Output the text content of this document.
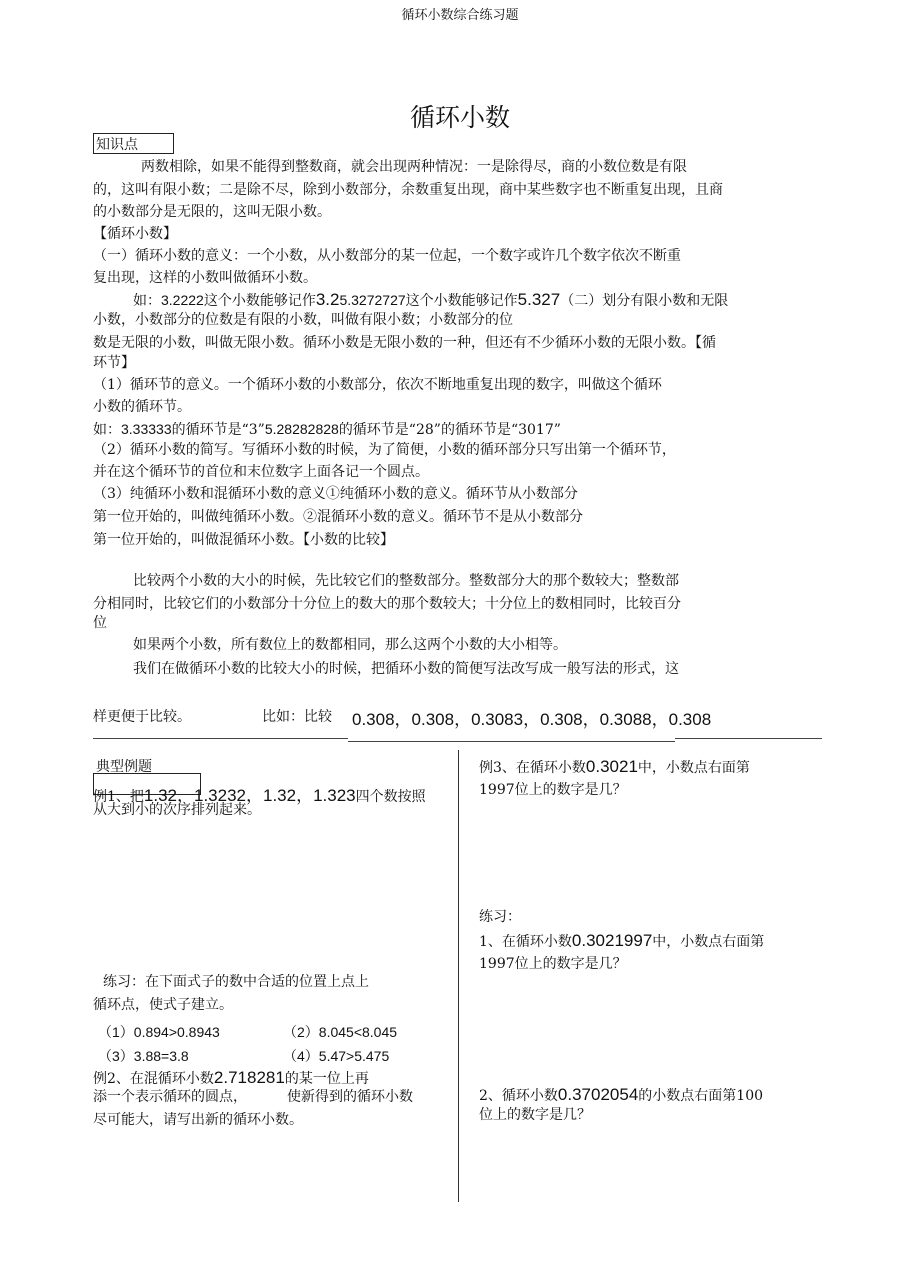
循环小数综合练习题
循环小数
知识点
两数相除，如果不能得到整数商，就会出现两种情况：一是除得尽，商的小数位数是有限
的，这叫有限小数；二是除不尽，除到小数部分，余数重复出现，商中某些数字也不断重复出现，且商
的小数部分是无限的，这叫无限小数。
【循环小数】
（一）循环小数的意义：一个小数，从小数部分的某一位起，一个数字或许几个数字依次不断重
复出现，这样的小数叫做循环小数。
如：3.2222这个小数能够记作3.25.3272727这个小数能够记作5.327（二）划分有限小数和无限
小数，小数部分的位数是有限的小数，叫做有限小数；小数部分的位
数是无限的小数，叫做无限小数。循环小数是无限小数的一种，但还有不少循环小数的无限小数。【循
环节】
（1）循环节的意义。一个循环小数的小数部分，依次不断地重复出现的数字，叫做这个循环
小数的循环节。
如：3.33333的循环节是“3”5.28282828的循环节是“28”的循环节是“3017”
（2）循环小数的简写。写循环小数的时候，为了简便，小数的循环部分只写出第一个循环节，
并在这个循环节的首位和末位数字上面各记一个圆点。
（3）纯循环小数和混循环小数的意义①纯循环小数的意义。循环节从小数部分
第一位开始的，叫做纯循环小数。②混循环小数的意义。循环节不是从小数部分
第一位开始的，叫做混循环小数。【小数的比较】
比较两个小数的大小的时候，先比较它们的整数部分。整数部分大的那个数较大；整数部
分相同时，比较它们的小数部分十分位上的数大的那个数较大；十分位上的数相同时，比较百分
位
如果两个小数，所有数位上的数都相同，那么这两个小数的大小相等。
我们在做循环小数的比较大小的时候，把循环小数的简便写法改写成一般写法的形式，这
样更便于比较。	比如：比较 0.308，0.308，0.3083，0.308，0.3088，0.308
典型例题
例1、把1.32，1.3232，1.32，1.323四个数按照
从大到小的次序排列起来。
练习：在下面式子的数中合适的位置上点上
循环点，使式子建立。
（1）0.894>0.8943	（2）8.045<8.045
（3）3.88=3.8	（4）5.47>5.475
例2、在混循环小数2.718281的某一位上再
添一个表示循环的圆点，	使新得到的循环小数
尽可能大，请写出新的循环小数。
例3、在循环小数0.3021中，小数点右面第
1997位上的数字是几？
练习：
1、在循环小数0.3021997中，小数点右面第
1997位上的数字是几？
2、循环小数0.3702054的小数点右面第100
位上的数字是几？
